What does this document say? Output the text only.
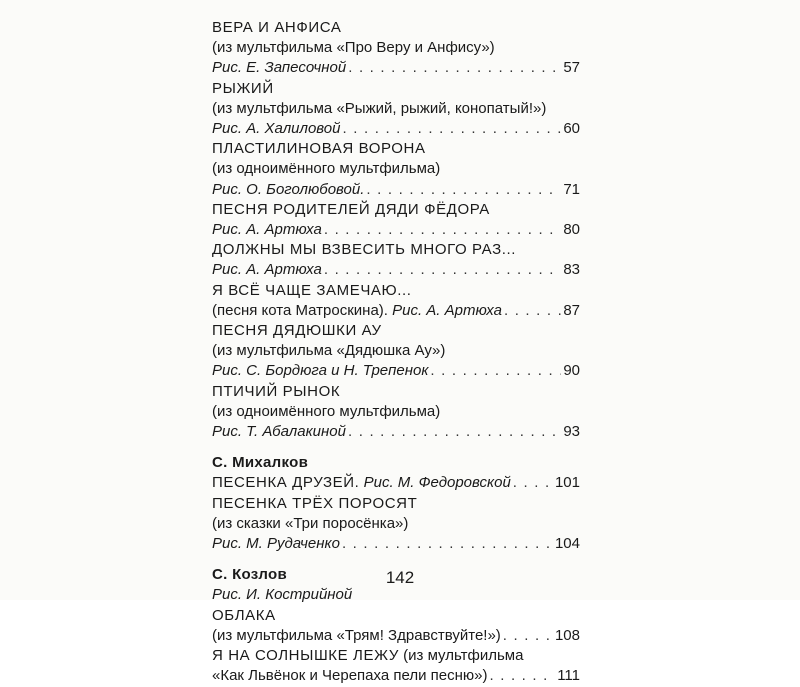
ВЕРА И АНФИСА
(из мультфильма «Про Веру и Анфису»)
Рис. Е. Запесочной . . .	57
РЫЖИЙ
(из мультфильма «Рыжий, рыжий, конопатый!»)
Рис. А. Халиловой . . .	60
ПЛАСТИЛИНОВАЯ ВОРОНА
(из одноимённого мультфильма)
Рис. О. Боголюбовой. . . .	71
ПЕСНЯ РОДИТЕЛЕЙ ДЯДИ ФЁДОРА
Рис. А. Артюха . . .	80
ДОЛЖНЫ МЫ ВЗВЕСИТЬ МНОГО РАЗ...
Рис. А. Артюха . . .	83
Я ВСЁ ЧАЩЕ ЗАМЕЧАЮ...
(песня кота Матроскина).
Рис. А. Артюха . . .	87
ПЕСНЯ ДЯДЮШКИ АУ
(из мультфильма «Дядюшка Ау»)
Рис. С. Бордюга и Н. Трепенок . . .	90
ПТИЧИЙ РЫНОК
(из одноимённого мультфильма)
Рис. Т. Абалакиной . . .	93
С. Михалков
ПЕСЕНКА ДРУЗЕЙ.
Рис. М. Федоровской . . .	101
ПЕСЕНКА ТРЁХ ПОРОСЯТ
(из сказки «Три поросёнка»)
Рис. М. Рудаченко . . .	104
С. Козлов
Рис. И. Кострийной
ОБЛАКА
(из мультфильма «Трям! Здравствуйте!») . . .	108
Я НА СОЛНЫШКЕ ЛЕЖУ
(из мультфильма
«Как Львёнок и Черепаха пели песню») . . .	111
142
